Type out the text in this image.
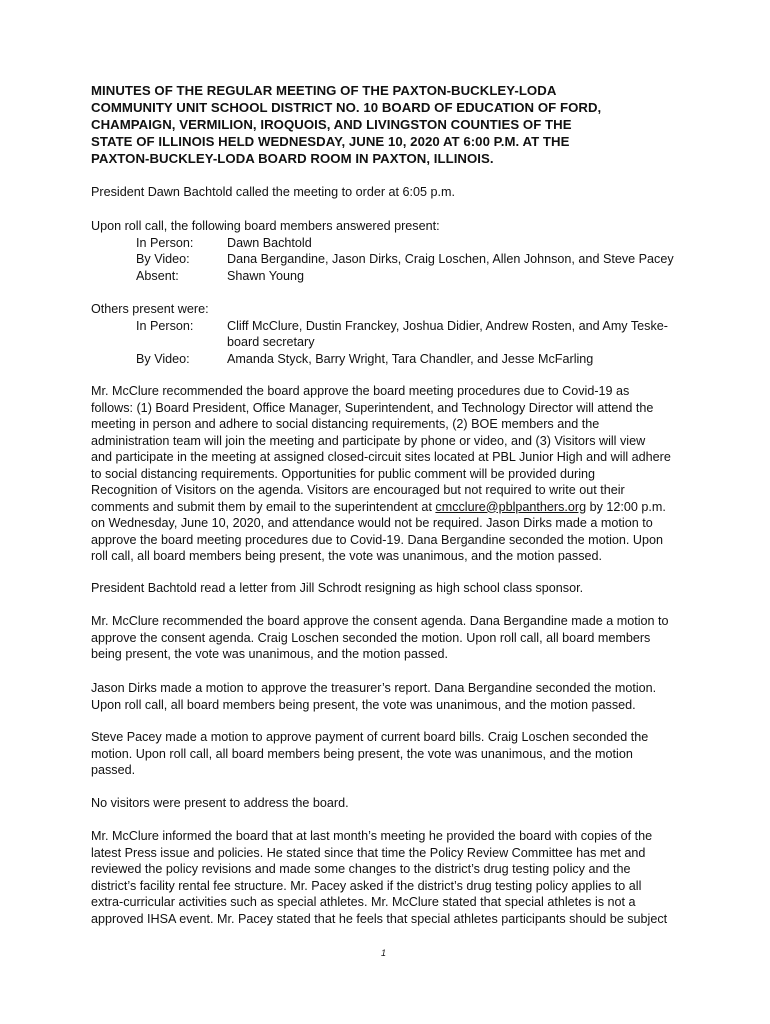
MINUTES OF THE REGULAR MEETING OF THE PAXTON-BUCKLEY-LODA
COMMUNITY UNIT SCHOOL DISTRICT NO. 10 BOARD OF EDUCATION OF FORD,
CHAMPAIGN, VERMILION, IROQUOIS, AND LIVINGSTON COUNTIES OF THE
STATE OF ILLINOIS HELD WEDNESDAY, JUNE 10, 2020 AT 6:00 P.M. AT THE
PAXTON-BUCKLEY-LODA BOARD ROOM IN PAXTON, ILLINOIS.
President Dawn Bachtold called the meeting to order at 6:05 p.m.
Upon roll call, the following board members answered present:
In Person:	Dawn Bachtold
By Video:	Dana Bergandine, Jason Dirks, Craig Loschen, Allen Johnson, and Steve Pacey
Absent:	Shawn Young
Others present were:
In Person:	Cliff McClure, Dustin Franckey, Joshua Didier, Andrew Rosten, and Amy Teske-
board secretary
By Video:	Amanda Styck, Barry Wright, Tara Chandler, and Jesse McFarling
Mr. McClure recommended the board approve the board meeting procedures due to Covid-19 as
follows: (1) Board President, Office Manager, Superintendent, and Technology Director will attend the
meeting in person and adhere to social distancing requirements, (2) BOE members and the
administration team will join the meeting and participate by phone or video, and (3) Visitors will view
and participate in the meeting at assigned closed-circuit sites located at PBL Junior High and will adhere
to social distancing requirements. Opportunities for public comment will be provided during
Recognition of Visitors on the agenda. Visitors are encouraged but not required to write out their
comments and submit them by email to the superintendent at cmcclure@pblpanthers.org by 12:00 p.m.
on Wednesday, June 10, 2020, and attendance would not be required. Jason Dirks made a motion to
approve the board meeting procedures due to Covid-19. Dana Bergandine seconded the motion. Upon
roll call, all board members being present, the vote was unanimous, and the motion passed.
President Bachtold read a letter from Jill Schrodt resigning as high school class sponsor.
Mr. McClure recommended the board approve the consent agenda. Dana Bergandine made a motion to
approve the consent agenda. Craig Loschen seconded the motion. Upon roll call, all board members
being present, the vote was unanimous, and the motion passed.
Jason Dirks made a motion to approve the treasurer’s report. Dana Bergandine seconded the motion.
Upon roll call, all board members being present, the vote was unanimous, and the motion passed.
Steve Pacey made a motion to approve payment of current board bills. Craig Loschen seconded the
motion. Upon roll call, all board members being present, the vote was unanimous, and the motion
passed.
No visitors were present to address the board.
Mr. McClure informed the board that at last month’s meeting he provided the board with copies of the
latest Press issue and policies. He stated since that time the Policy Review Committee has met and
reviewed the policy revisions and made some changes to the district’s drug testing policy and the
district’s facility rental fee structure. Mr. Pacey asked if the district’s drug testing policy applies to all
extra-curricular activities such as special athletes. Mr. McClure stated that special athletes is not a
approved IHSA event. Mr. Pacey stated that he feels that special athletes participants should be subject
1
